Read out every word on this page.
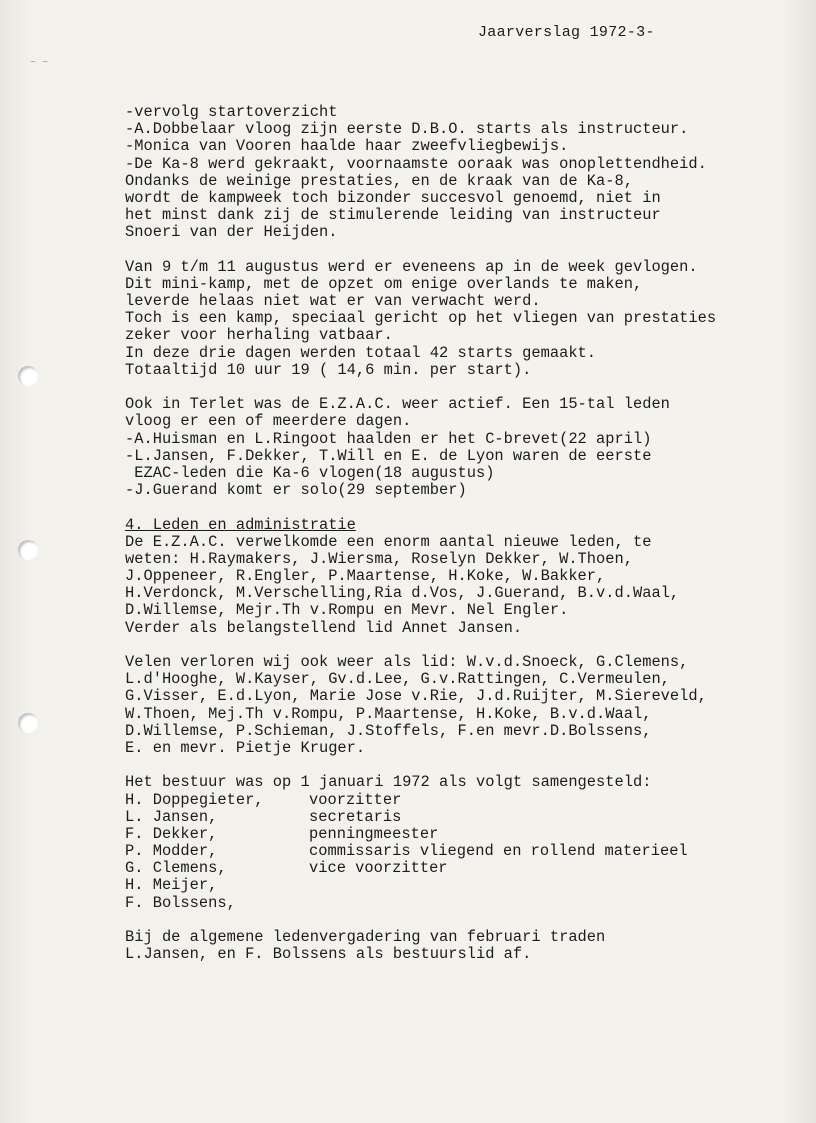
~ ~
Jaarverslag 1972-3-
-vervolg startoverzicht
-A.Dobbelaar vloog zijn eerste D.B.O. starts als instructeur.
-Monica van Vooren haalde haar zweefvliegbewijs.
-De Ka-8 werd gekraakt, voornaamste ooraak was onoplettendheid.
Ondanks de weinige prestaties, en de kraak van de Ka-8,
wordt de kampweek toch bizonder succesvol genoemd, niet in
het minst dank zij de stimulerende leiding van instructeur
Snoeri van der Heijden.
Van 9 t/m 11 augustus werd er eveneens ap in de week gevlogen.
Dit mini-kamp, met de opzet om enige overlands te maken,
leverde helaas niet wat er van verwacht werd.
Toch is een kamp, speciaal gericht op het vliegen van prestaties
zeker voor herhaling vatbaar.
In deze drie dagen werden totaal 42 starts gemaakt.
Totaaltijd 10 uur 19 ( 14,6 min. per start).
Ook in Terlet was de E.Z.A.C. weer actief. Een 15-tal leden
vloog er een of meerdere dagen.
-A.Huisman en L.Ringoot haalden er het C-brevet(22 april)
-L.Jansen, F.Dekker, T.Will en E. de Lyon waren de eerste
EZAC-leden die Ka-6 vlogen(18 augustus)
-J.Guerand komt er solo(29 september)
4. Leden en administratie
De E.Z.A.C. verwelkomde een enorm aantal nieuwe leden, te
weten: H.Raymakers, J.Wiersma, Roselyn Dekker, W.Thoen,
J.Oppeneer, R.Engler, P.Maartense, H.Koke, W.Bakker,
H.Verdonck, M.Verschelling,Ria d.Vos, J.Guerand, B.v.d.Waal,
D.Willemse, Mejr.Th v.Rompu en Mevr. Nel Engler.
Verder als belangstellend lid Annet Jansen.
Velen verloren wij ook weer als lid: W.v.d.Snoeck, G.Clemens,
L.d'Hooghe, W.Kayser, Gv.d.Lee, G.v.Rattingen, C.Vermeulen,
G.Visser, E.d.Lyon, Marie Jose v.Rie, J.d.Ruijter, M.Siereveld,
W.Thoen, Mej.Th v.Rompu, P.Maartense, H.Koke, B.v.d.Waal,
D.Willemse, P.Schieman, J.Stoffels, F.en mevr.D.Bolssens,
E. en mevr. Pietje Kruger.
Het bestuur was op 1 januari 1972 als volgt samengesteld:
H. Doppegieter,	voorzitter
L. Jansen,	secretaris
F. Dekker,	penningmeester
P. Modder,	commissaris vliegend en rollend materieel
G. Clemens,	vice voorzitter
H. Meijer,
F. Bolssens,
Bij de algemene ledenvergadering van februari traden
L.Jansen, en F. Bolssens als bestuurslid af.
